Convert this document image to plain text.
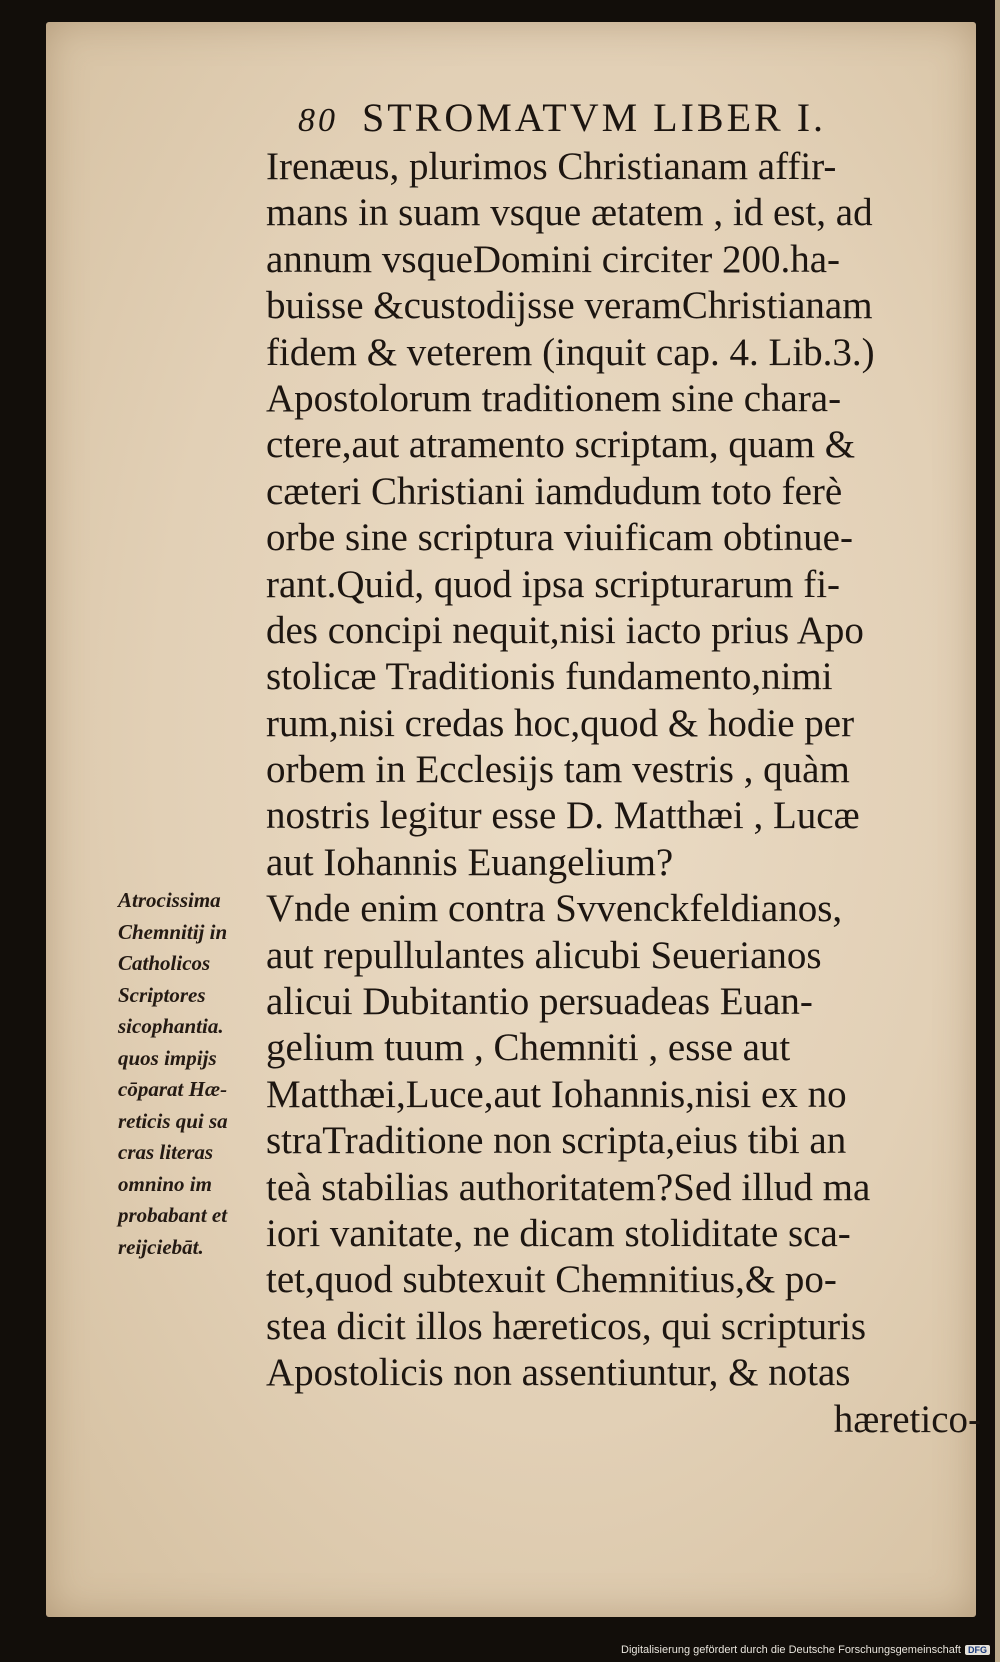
80 STROMATVM LIBER I.
Irenæus, plurimos Christianam affir-
mans in suam vsque ætatem , id est, ad
annum vsqueDomini circiter 200.ha-
buisse &custodijsse veramChristianam
fidem & veterem (inquit cap. 4. Lib.3.)
Apostolorum traditionem sine chara-
ctere,aut atramento scriptam, quam &
cæteri Christiani iamdudum toto ferè
orbe sine scriptura viuificam obtinue-
rant.Quid, quod ipsa scripturarum fi-
des concipi nequit,nisi iacto prius Apo
stolicæ Traditionis fundamento,nimi
rum,nisi credas hoc,quod & hodie per
orbem in Ecclesijs tam vestris , quàm
nostris legitur esse D. Matthæi , Lucæ
aut Iohannis Euangelium?
Vnde enim contra Svvenckfeldianos,
aut repullulantes alicubi Seuerianos
alicui Dubitantio persuadeas Euan-
gelium tuum , Chemniti , esse aut
Matthæi,Luce,aut Iohannis,nisi ex no
straTraditione non scripta,eius tibi an
teà stabilias authoritatem?Sed illud ma
iori vanitate, ne dicam stoliditate sca-
tet,quod subtexuit Chemnitius,& po-
stea dicit illos hæreticos, qui scripturis
Apostolicis non assentiuntur, & notas
hæretico-
Atrocissima
Chemnitij in
Catholicos
Scriptores
sicophantia.
quos impijs
cōparat Hæ-
reticis qui sa
cras literas
omnino im
probabant et
reijciebāt.
Digitalisierung gefördert durch die Deutsche Forschungsgemeinschaft DFG
